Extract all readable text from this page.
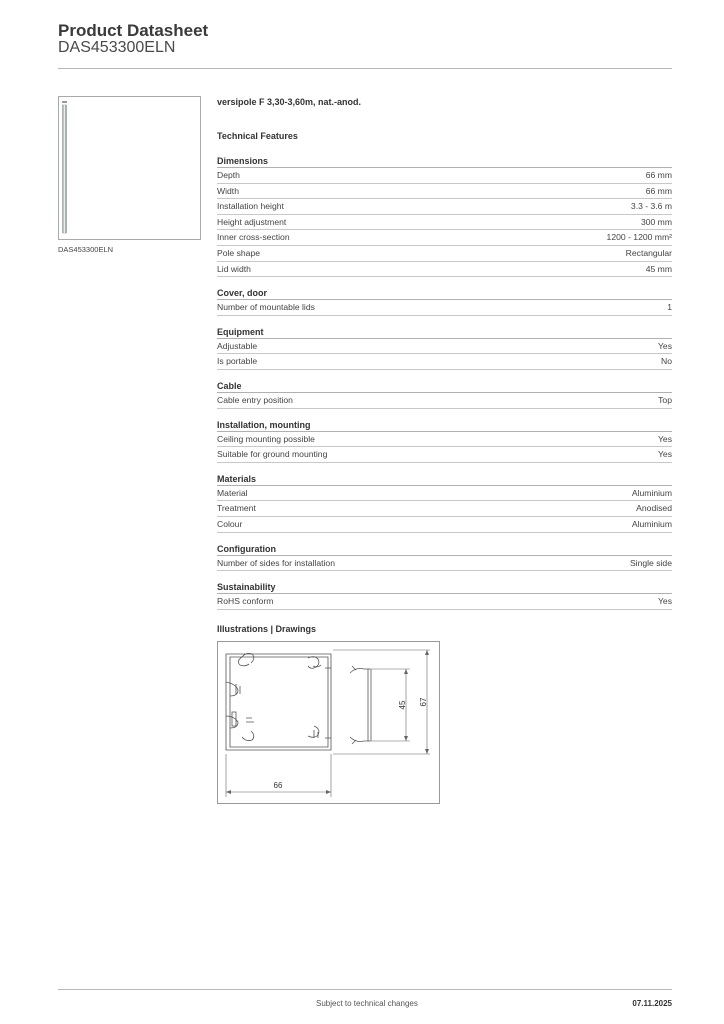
Product Datasheet
DAS453300ELN
DAS453300ELN
versipole F 3,30-3,60m, nat.-anod.
Technical Features
Dimensions
Depth	66 mm
Width	66 mm
Installation height	3.3 - 3.6 m
Height adjustment	300 mm
Inner cross-section	1200 - 1200 mm²
Pole shape	Rectangular
Lid width	45 mm
Cover, door
Number of mountable lids	1
Equipment
Adjustable	Yes
Is portable	No
Cable
Cable entry position	Top
Installation, mounting
Ceiling mounting possible	Yes
Suitable for ground mounting	Yes
Materials
Material	Aluminium
Treatment	Anodised
Colour	Aluminium
Configuration
Number of sides for installation	Single side
Sustainability
RoHS conform	Yes
Illustrations | Drawings
45 67
66
Subject to technical changes	07.11.2025
